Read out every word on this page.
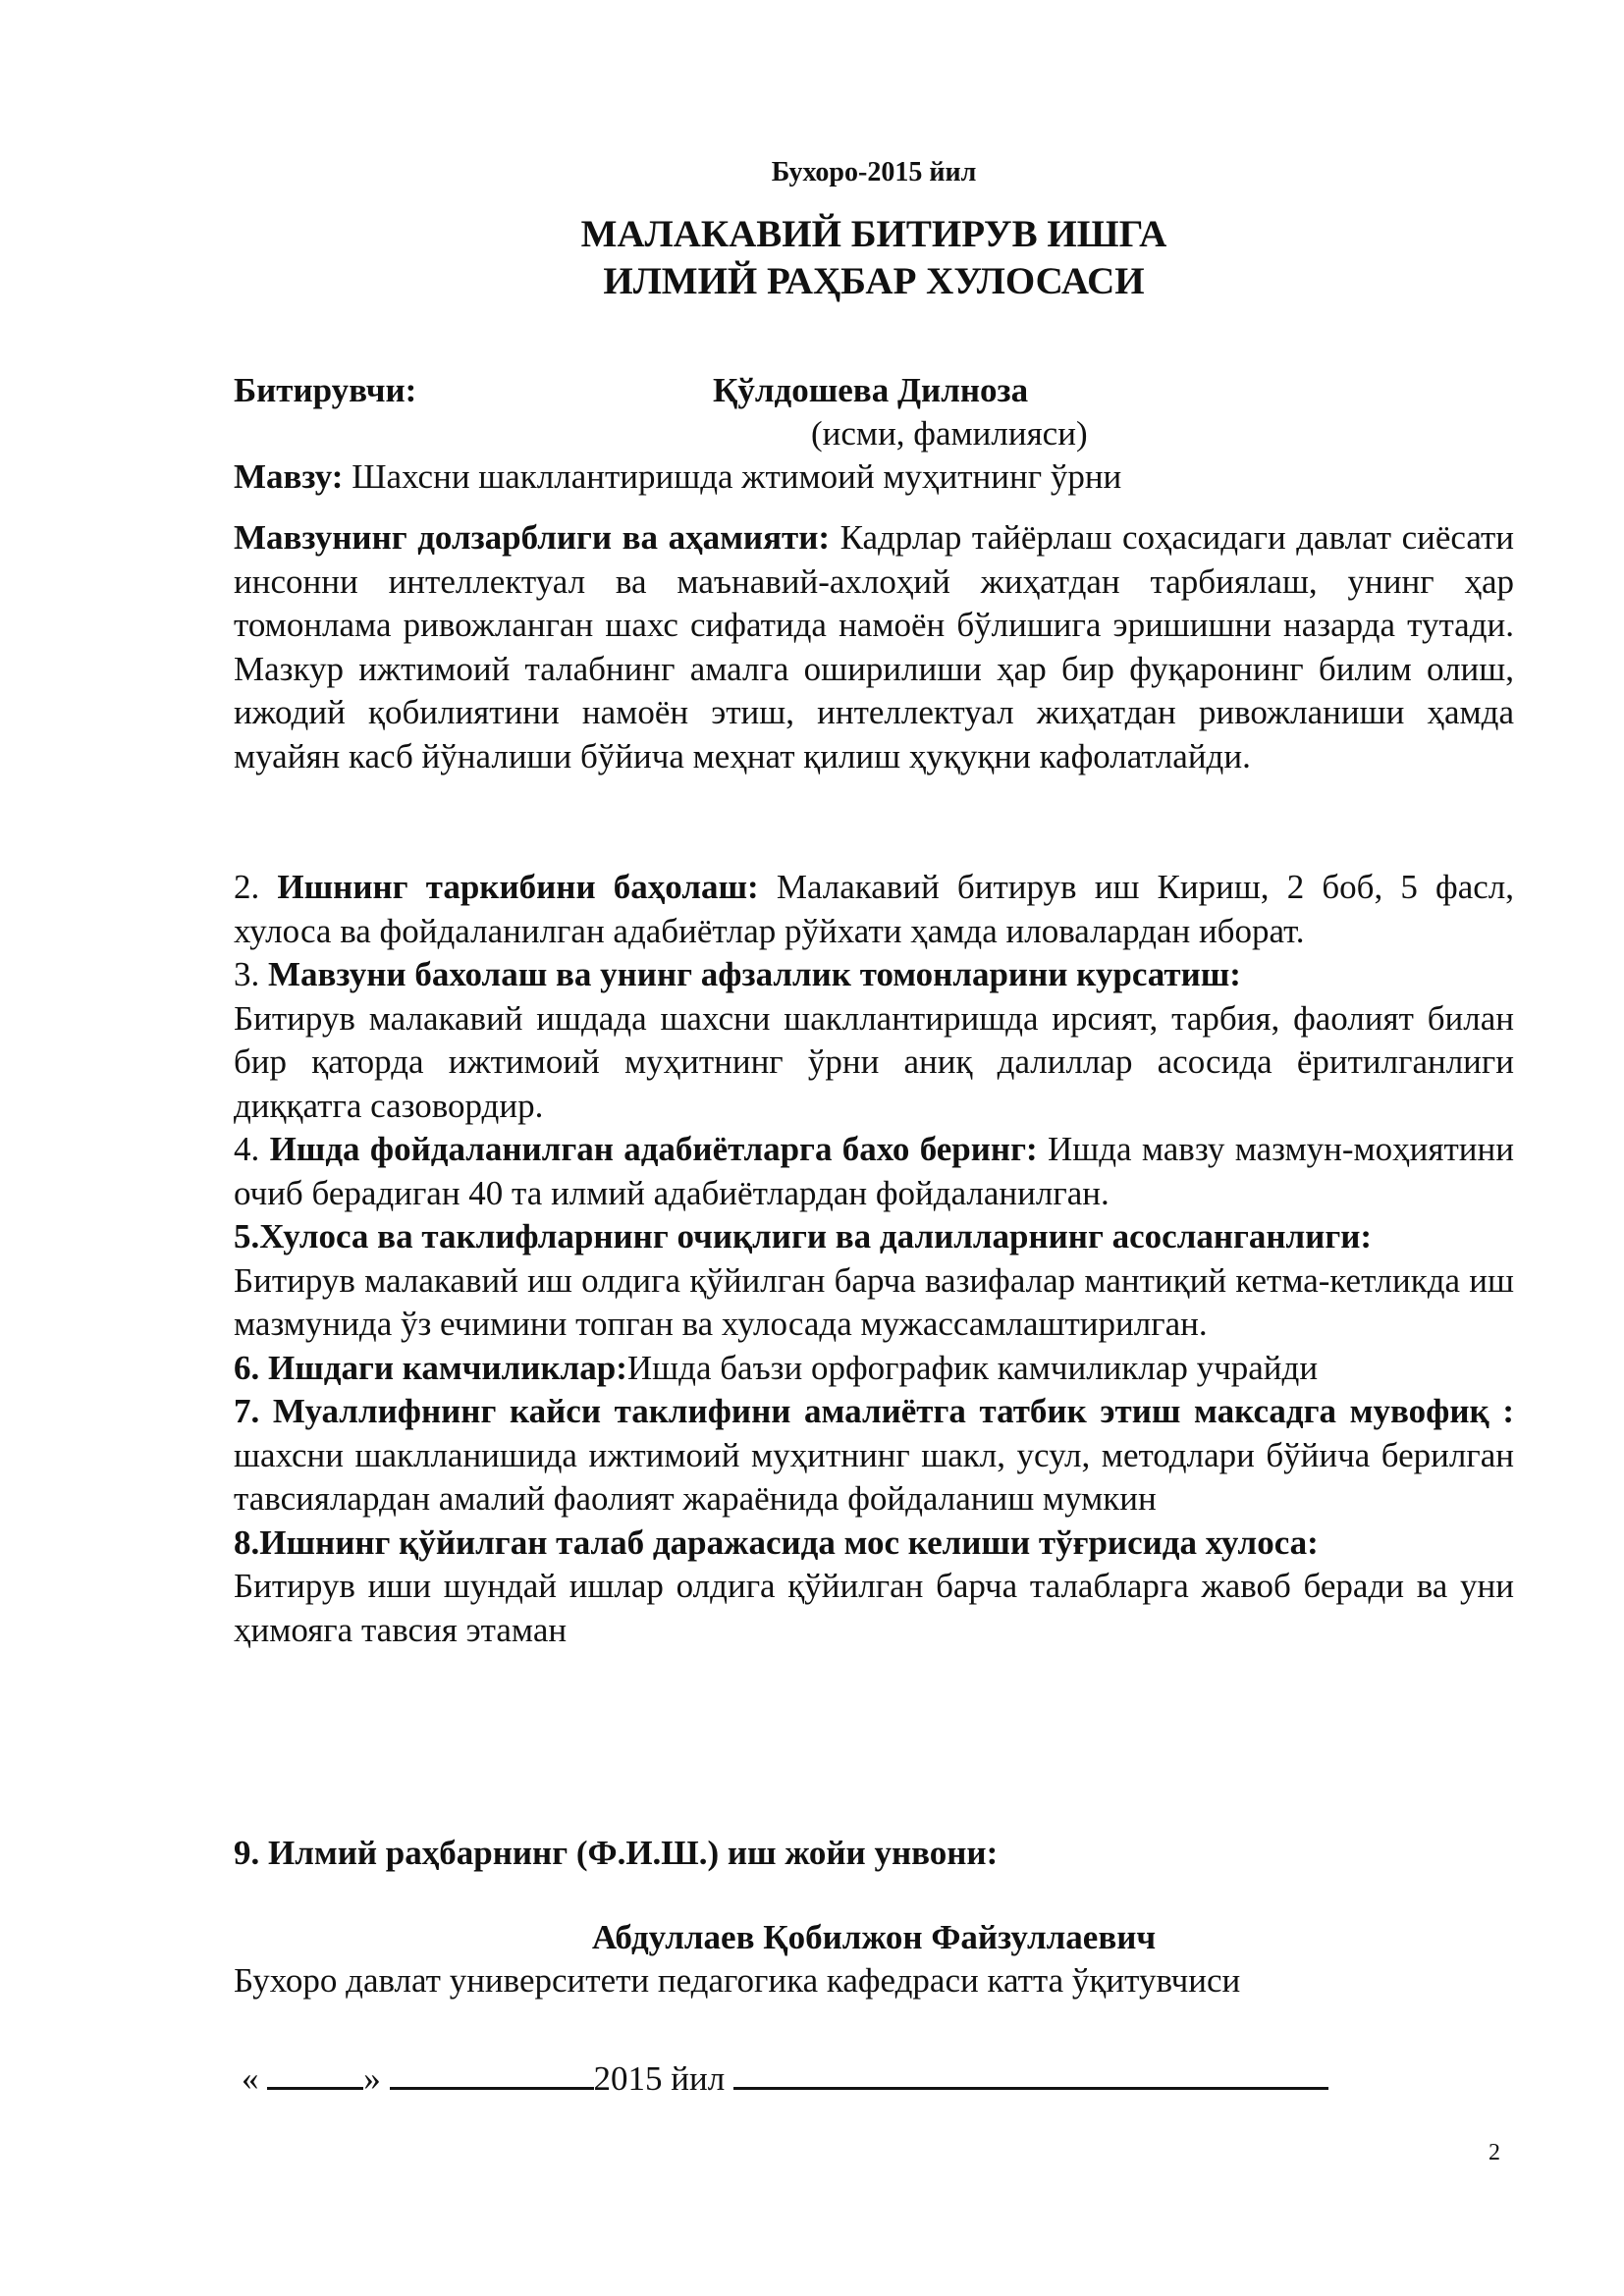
Бухоро-2015 йил
МАЛАКАВИЙ БИТИРУВ ИШГА
ИЛМИЙ РАҲБАР ХУЛОСАСИ
Битирувчи:	Қўлдошева Дилноза
(исми, фамилияси)
Мавзу: Шахсни шакллантиришда жтимоий муҳитнинг ўрни
Мавзунинг долзарблиги ва аҳамияти: Кадрлар тайёрлаш соҳасидаги давлат сиёсати инсонни интеллектуал ва маънавий-ахлоҳий жиҳатдан тарбиялаш, унинг ҳар томонлама ривожланган шахс сифатида намоён бўлишига эришишни назарда тутади. Мазкур ижтимоий талабнинг амалга оширилиши ҳар бир фуқаронинг билим олиш, ижодий қобилиятини намоён этиш, интеллектуал жиҳатдан ривожланиши ҳамда муайян касб йўналиши бўйича меҳнат қилиш ҳуқуқни кафолатлайди.
2. Ишнинг таркибини баҳолаш: Малакавий битирув иш Кириш, 2 боб, 5 фасл, хулоса ва фойдаланилган адабиётлар рўйхати ҳамда иловалардан иборат.
3. Мавзуни бахолаш ва унинг афзаллик томонларини курсатиш:
Битирув малакавий ишдада шахсни шакллантиришда ирсият, тарбия, фаолият билан бир қаторда ижтимоий муҳитнинг ўрни аниқ далиллар асосида ёритилганлиги диққатга сазовордир.
4. Ишда фойдаланилган адабиётларга бахо беринг: Ишда мавзу мазмун-моҳиятини очиб берадиган 40 та илмий адабиётлардан фойдаланилган.
5.Хулоса ва таклифларнинг очиқлиги ва далилларнинг асосланганлиги:
Битирув малакавий иш олдига қўйилган барча вазифалар мантиқий кетма-кетликда иш мазмунида ўз ечимини топган ва хулосада мужассамлаштирилган.
6. Ишдаги камчиликлар:Ишда баъзи орфографик камчиликлар учрайди
7. Муаллифнинг кайси таклифини амалиётга татбик этиш максадга мувофиқ : шахсни шаклланишида ижтимоий муҳитнинг шакл, усул, методлари бўйича берилган тавсиялардан амалий фаолият жараёнида фойдаланиш мумкин
8.Ишнинг қўйилган талаб даражасида мос келиши тўғрисида хулоса:
Битирув иши шундай ишлар олдига қўйилган барча талабларга жавоб беради ва уни ҳимояга тавсия этаман
9. Илмий раҳбарнинг (Ф.И.Ш.) иш жойи унвони:
Абдуллаев Қобилжон Файзуллаевич
Бухоро давлат университети педагогика кафедраси катта ўқитувчиси
«	»	2015 йил
2
